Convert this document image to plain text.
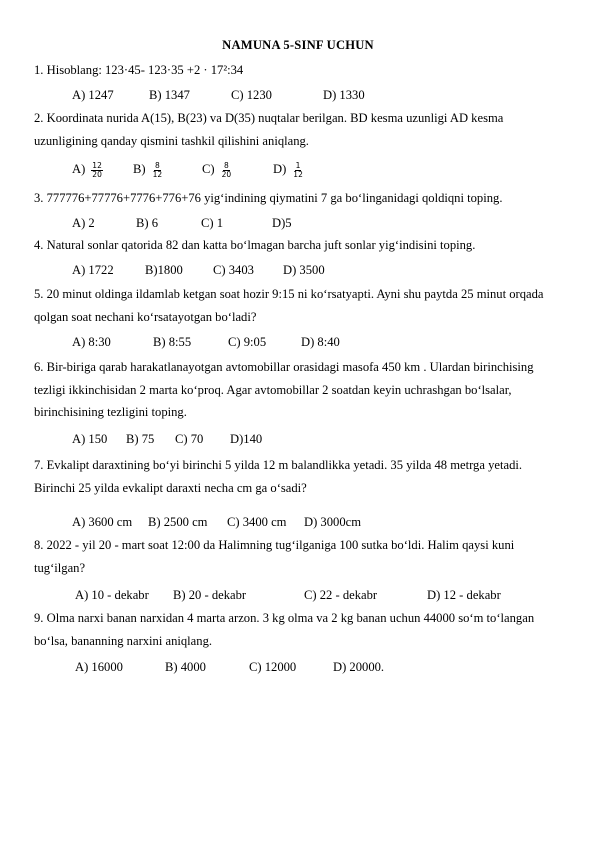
NAMUNA 5-SINF UCHUN
1. Hisoblang: 123·45- 123·35 +2 · 17²:34
A) 1247	B) 1347	C) 1230	D) 1330
2. Koordinata nurida A(15), B(23) va D(35) nuqtalar berilgan. BD kesma uzunligi AD kesma uzunligining qanday qismini tashkil qilishini aniqlang.
$A) \frac{12}{20} B) \frac{8}{12}$	$C) \frac{8}{20}$	$D) \frac{1}{12}$
3. 777776+77776+7776+776+76 yig‘indining qiymatini 7 ga bo‘linganidagi qoldiqni toping.
A) 2	B) 6	C) 1	D)5
4. Natural sonlar qatorida 82 dan katta bo‘lmagan barcha juft sonlar yig‘indisini toping.
A) 1722 B)1800 C) 3403 D) 3500
5. 20 minut oldinga ildamlab ketgan soat hozir 9:15 ni ko‘rsatyapti. Ayni shu paytda 25 minut orqada qolgan soat nechani ko‘rsatayotgan bo‘ladi?
A) 8:30	B) 8:55	C) 9:05	D) 8:40
6. Bir-biriga qarab harakatlanayotgan avtomobillar orasidagi masofa 450 km . Ulardan birinchising tezligi ikkinchisidan 2 marta ko‘proq. Agar avtomobillar 2 soatdan keyin uchrashgan bo‘lsalar, birinchisining tezligini toping.
A) 150 B) 75 C) 70 D)140
7. Evkalipt daraxtining bo‘yi birinchi 5 yilda 12 m balandlikka yetadi. 35 yilda 48 metrga yetadi. Birinchi 25 yilda evkalipt daraxti necha cm ga o‘sadi?
A) 3600 cm B) 2500 cm C) 3400 cm D) 3000cm
8. 2022 - yil 20 - mart soat 12:00 da Halimning tug‘ilganiga 100 sutka bo‘ldi. Halim qaysi kuni tug‘ilgan?
A) 10 - dekabr B) 20 - dekabr	C) 22 - dekabr	D) 12 - dekabr
9. Olma narxi banan narxidan 4 marta arzon. 3 kg olma va 2 kg banan uchun 44000 so‘m to‘langan bo‘lsa, bananning narxini aniqlang.
A) 16000	B) 4000	C) 12000	D) 20000.
